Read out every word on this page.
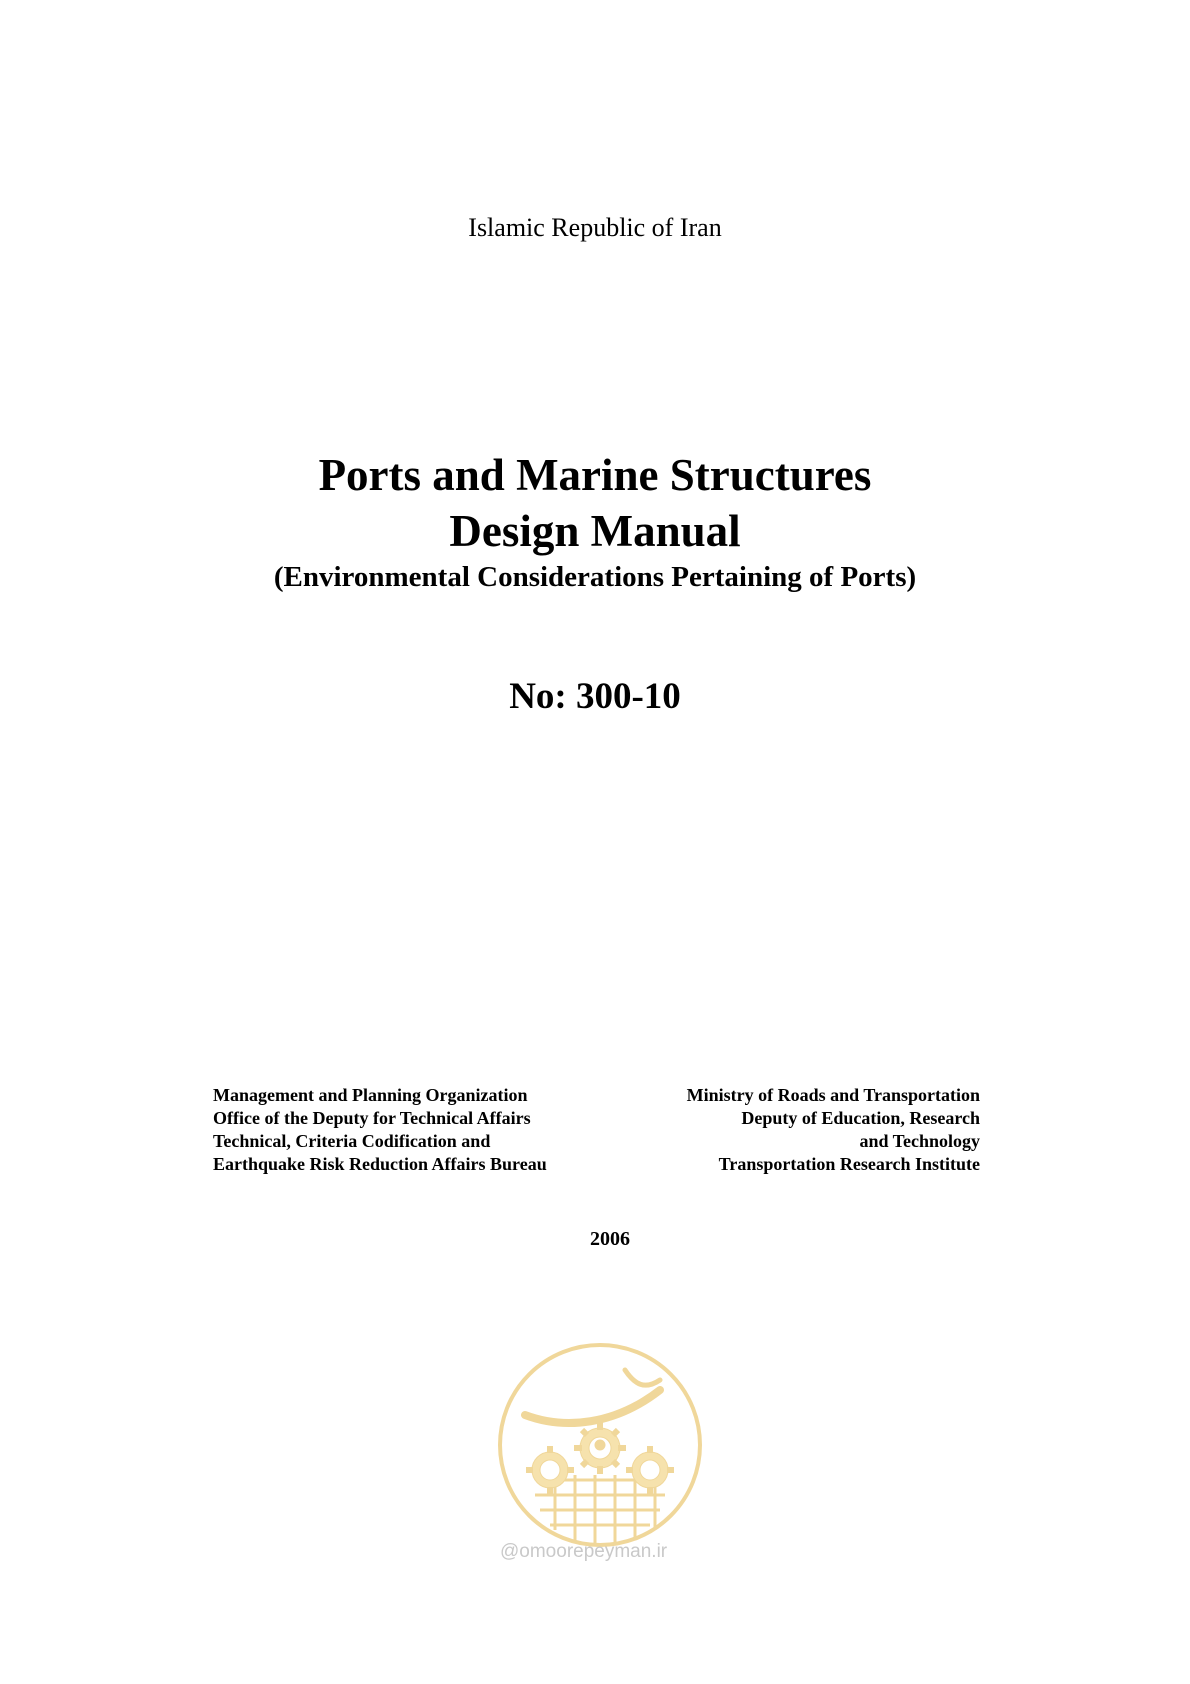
Islamic Republic of Iran

Ports and Marine Structures

Design Manual

(Environmental Considerations Pertaining of Ports)

No: 300-10
Management and Planning Organization
Office of the Deputy for Technical Affairs
Technical, Criteria Codification and
Earthquake Risk Reduction Affairs Bureau
Ministry of Roads and Transportation
Deputy of Education, Research
and Technology
Transportation Research Institute
2006
@omoorepeyman.ir
